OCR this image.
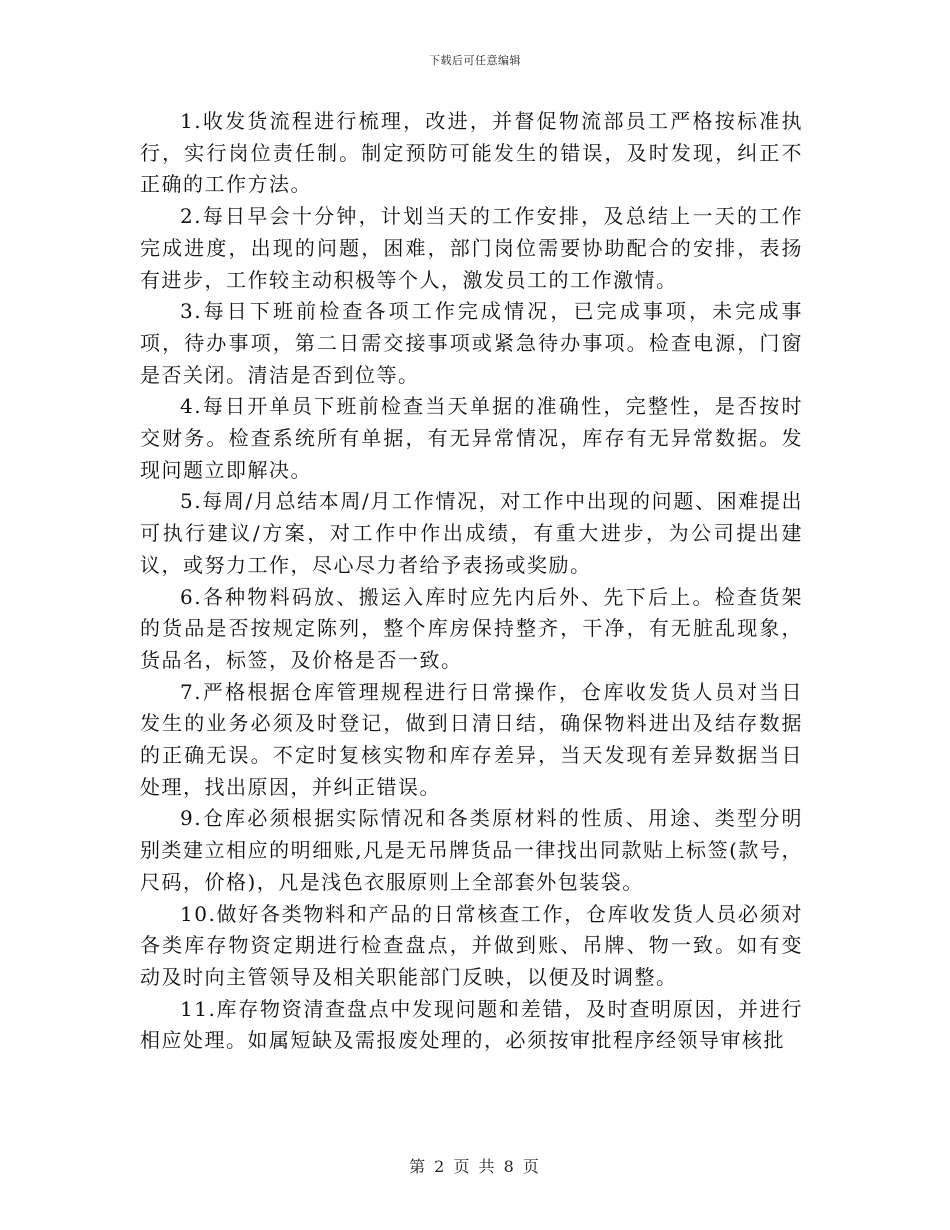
下载后可任意编辑

1.收发货流程进行梳理，改进，并督促物流部员工严格按标准执行，实行岗位责任制。制定预防可能发生的错误，及时发现，纠正不正确的工作方法。

2.每日早会十分钟，计划当天的工作安排，及总结上一天的工作完成进度，出现的问题，困难，部门岗位需要协助配合的安排，表扬有进步，工作较主动积极等个人，激发员工的工作激情。

3.每日下班前检查各项工作完成情况，已完成事项，未完成事项，待办事项，第二日需交接事项或紧急待办事项。检查电源，门窗是否关闭。清洁是否到位等。

4.每日开单员下班前检查当天单据的准确性，完整性，是否按时交财务。检查系统所有单据，有无异常情况，库存有无异常数据。发现问题立即解决。

5.每周/月总结本周/月工作情况，对工作中出现的问题、困难提出可执行建议/方案，对工作中作出成绩，有重大进步，为公司提出建议，或努力工作，尽心尽力者给予表扬或奖励。

6.各种物料码放、搬运入库时应先内后外、先下后上。检查货架的货品是否按规定陈列，整个库房保持整齐，干净，有无脏乱现象，货品名，标签，及价格是否一致。

7.严格根据仓库管理规程进行日常操作，仓库收发货人员对当日发生的业务必须及时登记，做到日清日结，确保物料进出及结存数据的正确无误。不定时复核实物和库存差异，当天发现有差异数据当日处理，找出原因，并纠正错误。

9.仓库必须根据实际情况和各类原材料的性质、用途、类型分明别类建立相应的明细账,凡是无吊牌货品一律找出同款贴上标签(款号，尺码，价格)，凡是浅色衣服原则上全部套外包装袋。

10.做好各类物料和产品的日常核查工作，仓库收发货人员必须对各类库存物资定期进行检查盘点，并做到账、吊牌、物一致。如有变动及时向主管领导及相关职能部门反映，以便及时调整。

11.库存物资清查盘点中发现问题和差错，及时查明原因，并进行相应处理。如属短缺及需报废处理的，必须按审批程序经领导审核批

第 2 页 共 8 页
